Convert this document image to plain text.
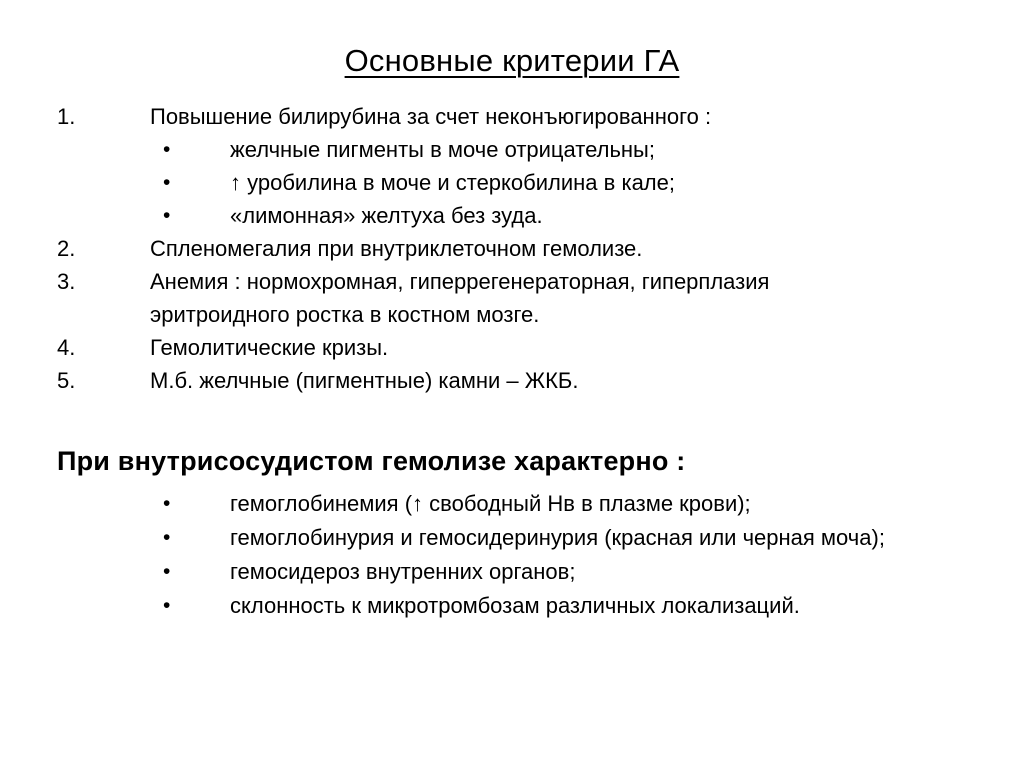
Основные критерии ГА
1.	Повышение билирубина за счет неконъюгированного :
•	желчные пигменты в моче отрицательны;
•	↑ уробилина в моче и стеркобилина в кале;
•	«лимонная» желтуха без зуда.
2.	Спленомегалия при внутриклеточном гемолизе.
3.	Анемия : нормохромная, гиперрегенераторная, гиперплазия эритроидного ростка в костном мозге.
4.	Гемолитические кризы.
5.	М.б. желчные (пигментные) камни – ЖКБ.
При внутрисосудистом гемолизе характерно :
•	гемоглобинемия (↑ свободный Нв в плазме крови);
•	гемоглобинурия и гемосидеринурия (красная или черная моча);
•	гемосидероз внутренних органов;
•	склонность к микротромбозам различных локализаций.
